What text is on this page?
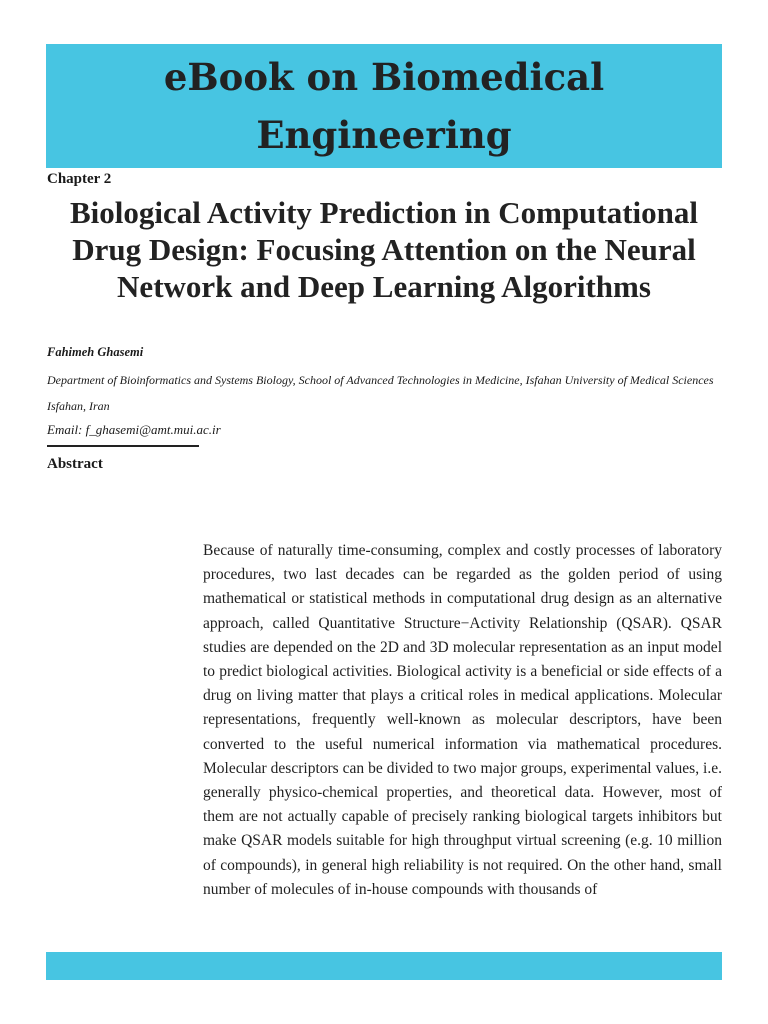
eBook on Biomedical Engineering
Chapter 2
Biological Activity Prediction in Computational Drug Design: Focusing Attention on the Neural Network and Deep Learning Algorithms
Fahimeh Ghasemi
Department of Bioinformatics and Systems Biology, School of Advanced Technologies in Medicine, Isfahan University of Medical Sciences Isfahan, Iran
Email: f_ghasemi@amt.mui.ac.ir
Abstract

Because of naturally time-consuming, complex and costly processes of laboratory procedures, two last decades can be regarded as the golden period of using mathematical or statistical methods in computational drug design as an alternative approach, called Quantitative Structure−Activity Relationship (QSAR). QSAR studies are depended on the 2D and 3D molecular representation as an input model to predict biological activities. Biological activity is a beneficial or side effects of a drug on living matter that plays a critical roles in medical applications. Molecular representations, frequently well-known as molecular descriptors, have been converted to the useful numerical information via mathematical procedures. Molecular descriptors can be divided to two major groups, experimental values, i.e. generally physico-chemical properties, and theoretical data. However, most of them are not actually capable of precisely ranking biological targets inhibitors but make QSAR models suitable for high throughput virtual screening (e.g. 10 million of compounds), in general high reliability is not required. On the other hand, small number of molecules of in-house compounds with thousands of
